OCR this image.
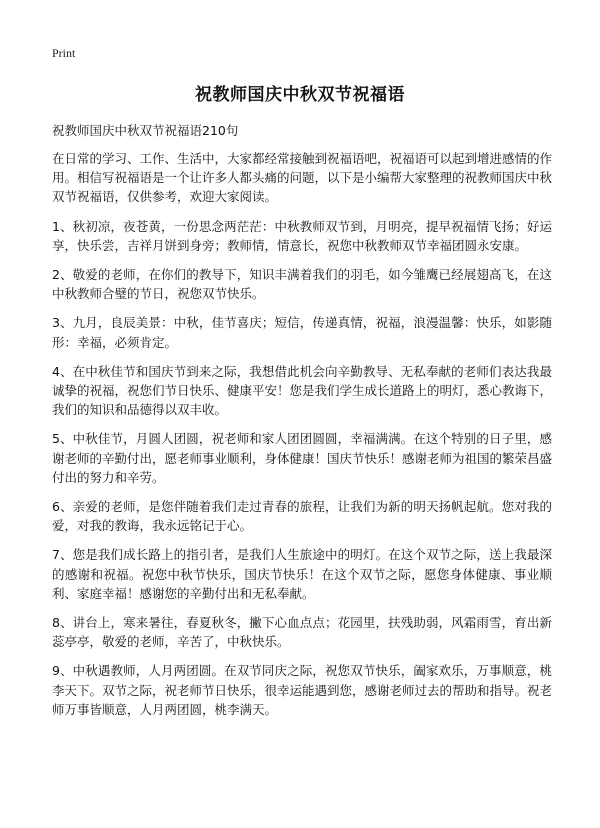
Print
祝教师国庆中秋双节祝福语
祝教师国庆中秋双节祝福语210句

在日常的学习、工作、生活中，大家都经常接触到祝福语吧，祝福语可以起到增进感情的作用。相信写祝福语是一个让许多人都头痛的问题，以下是小编帮大家整理的祝教师国庆中秋双节祝福语，仅供参考，欢迎大家阅读。

1、秋初凉，夜苍黄，一份思念两茫茫：中秋教师双节到，月明亮，提早祝福情飞扬；好运享，快乐尝，吉祥月饼到身旁；教师情，情意长，祝您中秋教师双节幸福团圆永安康。

2、敬爱的老师，在你们的教导下，知识丰满着我们的羽毛，如今雏鹰已经展翅高飞，在这中秋教师合璧的节日，祝您双节快乐。

3、九月，良辰美景：中秋，佳节喜庆；短信，传递真情，祝福，浪漫温馨：快乐，如影随形：幸福，必须肯定。

4、在中秋佳节和国庆节到来之际，我想借此机会向辛勤教导、无私奉献的老师们表达我最诚挚的祝福，祝您们节日快乐、健康平安！您是我们学生成长道路上的明灯，悉心教诲下，我们的知识和品德得以双丰收。

5、中秋佳节，月圆人团圆，祝老师和家人团团圆圆，幸福满满。在这个特别的日子里，感谢老师的辛勤付出，愿老师事业顺利，身体健康！国庆节快乐！感谢老师为祖国的繁荣昌盛付出的努力和辛劳。

6、亲爱的老师，是您伴随着我们走过青春的旅程，让我们为新的明天扬帆起航。您对我的爱，对我的教诲，我永远铭记于心。

7、您是我们成长路上的指引者，是我们人生旅途中的明灯。在这个双节之际，送上我最深的感谢和祝福。祝您中秋节快乐，国庆节快乐！在这个双节之际，愿您身体健康、事业顺利、家庭幸福！感谢您的辛勤付出和无私奉献。

8、讲台上，寒来暑往，春夏秋冬，撇下心血点点；花园里，扶残助弱，风霜雨雪，育出新蕊亭亭，敬爱的老师，辛苦了，中秋快乐。

9、中秋遇教师，人月两团圆。在双节同庆之际，祝您双节快乐，阖家欢乐，万事顺意，桃李天下。双节之际，祝老师节日快乐，很幸运能遇到您，感谢老师过去的帮助和指导。祝老师万事皆顺意，人月两团圆，桃李满天。
